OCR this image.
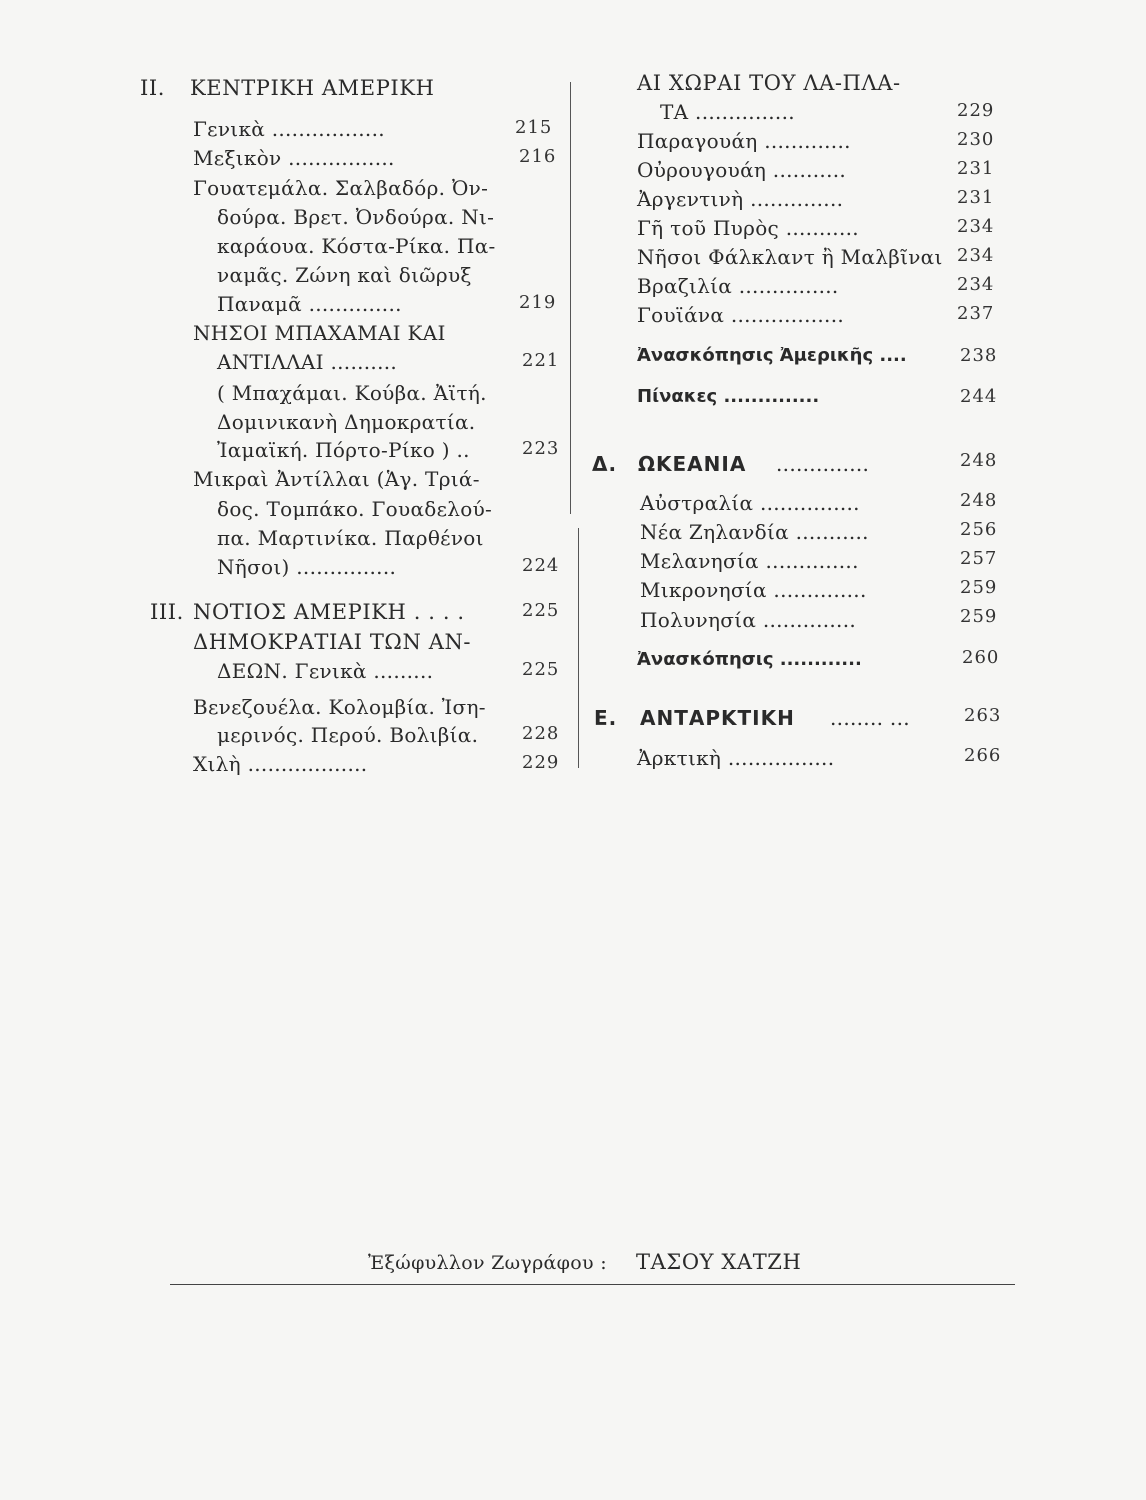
II. ΚΕΝΤΡΙΚΗ ΑΜΕΡΙΚΗ
Γενικὰ .................	215
Μεξικὸν ................	216
Γουατεμάλα. Σαλβαδόρ. Ὀν-
δούρα. Βρετ. Ὀνδούρα. Νι-
καράουα. Κόστα-Ρίκα. Πα-
ναμᾶς. Ζώνη καὶ διῶρυξ
Παναμᾶ ..............	219
ΝΗΣΟΙ ΜΠΑΧΑΜΑΙ ΚΑΙ
ΑΝΤΙΛΛΑΙ ..........	221
( Μπαχάμαι. Κούβα. Ἀϊτή.
Δομινικανὴ Δημοκρατία.
Ἰαμαϊκή. Πόρτο-Ρίκο ) ..	223
Μικραὶ Ἀντίλλαι (Ἁγ. Τριά-
δος. Τομπάκο. Γουαδελού-
πα. Μαρτινίκα. Παρθένοι
Νῆσοι) ...............	224
III. ΝΟΤΙΟΣ ΑΜΕΡΙΚΗ . . . .	225
ΔΗΜΟΚΡΑΤΙΑΙ ΤΩΝ ΑΝ-
ΔΕΩΝ. Γενικὰ .........	225
Βενεζουέλα. Κολομβία. Ἰση-
μερινός. Περού. Βολιβία. 228
Χιλὴ ..................	229
ΑΙ ΧΩΡΑΙ ΤΟΥ ΛΑ-ΠΛΑ-
ΤΑ ...............	229
Παραγουάη .............	230
Οὐρουγουάη ...........	231
Ἀργεντινὴ ..............	231
Γῆ τοῦ Πυρὸς ...........	234
Νῆσοι Φάλκλαντ ἢ Μαλβῖναι 234
Βραζιλία ...............	234
Γουϊάνα .................	237
Ἀνασκόπησις Ἀμερικῆς ....	238
Πίνακες ..............	244
Δ. ΩΚΕΑΝΙΑ ..............	248
Αὐστραλία ...............	248
Νέα Ζηλανδία ...........	256
Μελανησία ..............	257
Μικρονησία ..............	259
Πολυνησία ..............	259
Ἀνασκόπησις ............	260
Ε. ΑΝΤΑΡΚΤΙΚΗ ........ ...	263
Ἀρκτικὴ ................	266
Ἐξώφυλλον Ζωγράφου : ΤΑΣΟΥ ΧΑΤΖΗ
